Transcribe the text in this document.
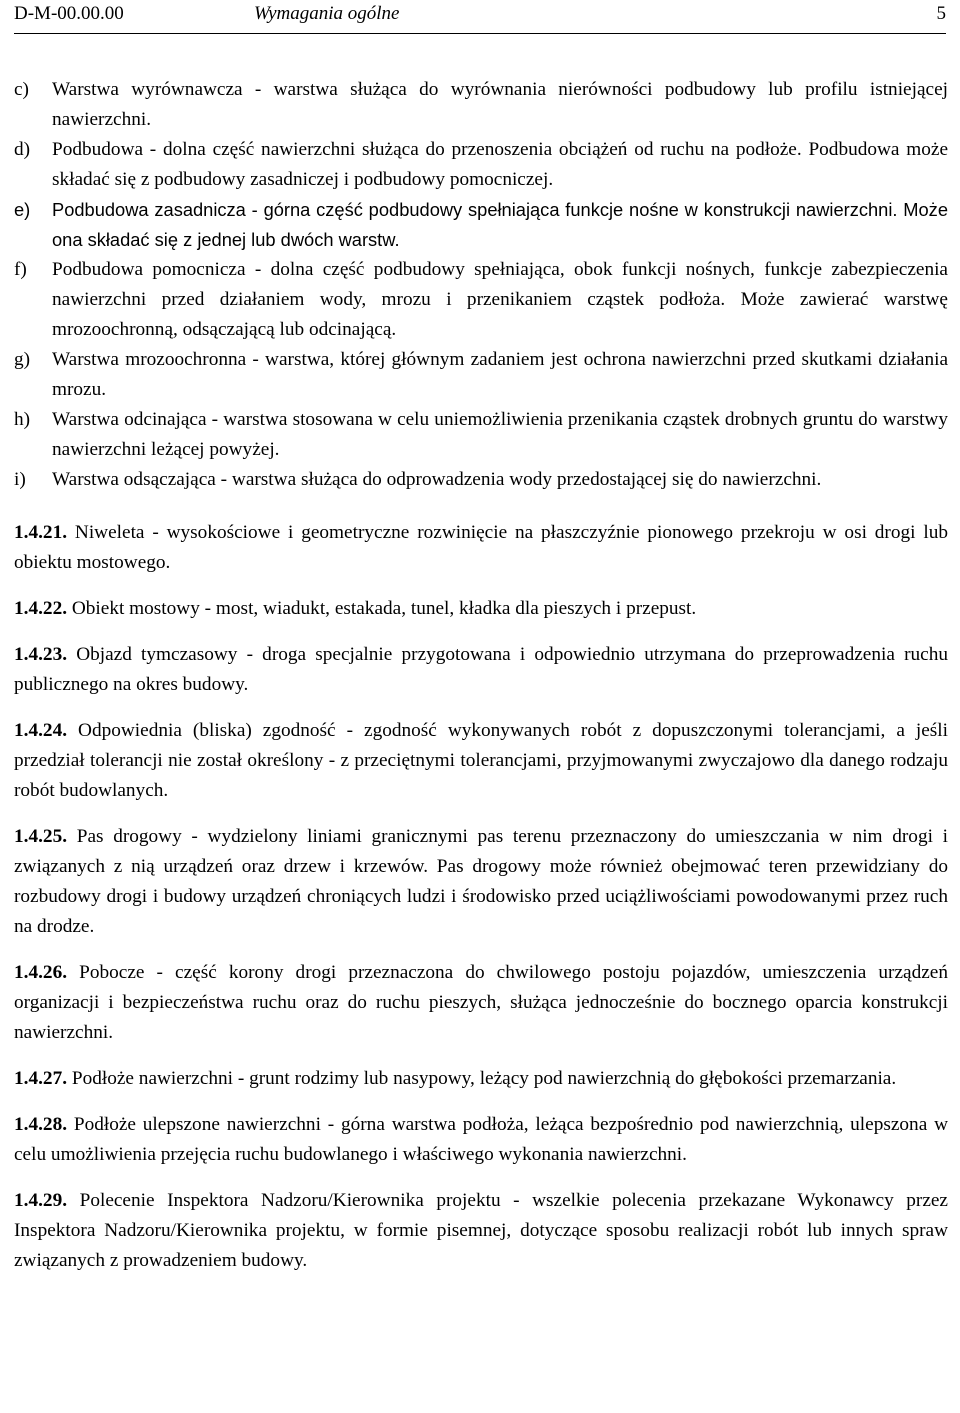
D-M-00.00.00	Wymagania ogólne	5
c)	Warstwa wyrównawcza - warstwa służąca do wyrównania nierówności podbudowy lub profilu istniejącej nawierzchni.
d)	Podbudowa - dolna część nawierzchni służąca do przenoszenia obciążeń od ruchu na podłoże. Podbudowa może składać się z podbudowy zasadniczej i podbudowy pomocniczej.
e)	Podbudowa zasadnicza - górna część podbudowy spełniająca funkcje nośne w konstrukcji nawierzchni. Może ona składać się z jednej lub dwóch warstw.
f)	Podbudowa pomocnicza - dolna część podbudowy spełniająca, obok funkcji nośnych, funkcje zabezpieczenia nawierzchni przed działaniem wody, mrozu i przenikaniem cząstek podłoża. Może zawierać warstwę mrozoochronną, odsączającą lub odcinającą.
g)	Warstwa mrozoochronna - warstwa, której głównym zadaniem jest ochrona nawierzchni przed skutkami działania mrozu.
h)	Warstwa odcinająca - warstwa stosowana w celu uniemożliwienia przenikania cząstek drobnych gruntu do warstwy nawierzchni leżącej powyżej.
i)	Warstwa odsączająca - warstwa służąca do odprowadzenia wody przedostającej się do nawierzchni.

1.4.21. Niweleta - wysokościowe i geometryczne rozwinięcie na płaszczyźnie pionowego przekroju w osi drogi lub obiektu mostowego.

1.4.22. Obiekt mostowy - most, wiadukt, estakada, tunel, kładka dla pieszych i przepust.

1.4.23. Objazd tymczasowy - droga specjalnie przygotowana i odpowiednio utrzymana do przeprowadzenia ruchu publicznego na okres budowy.

1.4.24. Odpowiednia (bliska) zgodność - zgodność wykonywanych robót z dopuszczonymi tolerancjami, a jeśli przedział tolerancji nie został określony - z przeciętnymi tolerancjami, przyjmowanymi zwyczajowo dla danego rodzaju robót budowlanych.

1.4.25. Pas drogowy - wydzielony liniami granicznymi pas terenu przeznaczony do umieszczania w nim drogi i związanych z nią urządzeń oraz drzew i krzewów. Pas drogowy może również obejmować teren przewidziany do rozbudowy drogi i budowy urządzeń chroniących ludzi i środowisko przed uciążliwościami powodowanymi przez ruch na drodze.

1.4.26. Pobocze - część korony drogi przeznaczona do chwilowego postoju pojazdów, umieszczenia urządzeń organizacji i bezpieczeństwa ruchu oraz do ruchu pieszych, służąca jednocześnie do bocznego oparcia konstrukcji nawierzchni.

1.4.27. Podłoże nawierzchni - grunt rodzimy lub nasypowy, leżący pod nawierzchnią do głębokości przemarzania.

1.4.28. Podłoże ulepszone nawierzchni - górna warstwa podłoża, leżąca bezpośrednio pod nawierzchnią, ulepszona w celu umożliwienia przejęcia ruchu budowlanego i właściwego wykonania nawierzchni.

1.4.29. Polecenie Inspektora Nadzoru/Kierownika projektu - wszelkie polecenia przekazane Wykonawcy przez Inspektora Nadzoru/Kierownika projektu, w formie pisemnej, dotyczące sposobu realizacji robót lub innych spraw związanych z prowadzeniem budowy.
